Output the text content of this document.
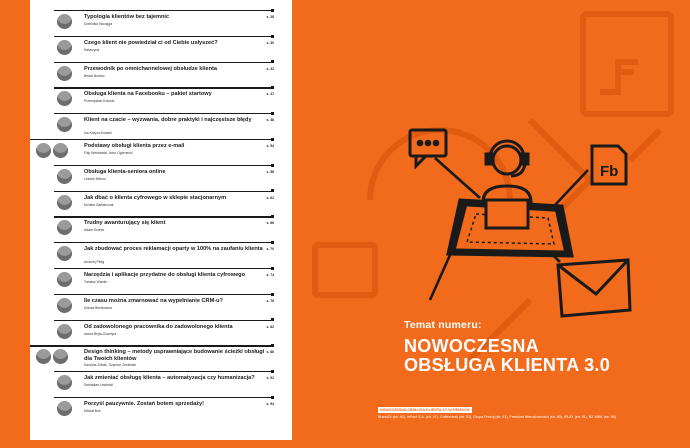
Typologia klientów bez tajemnic
Dominika Wocięga
s. 28
Czego klient nie powiedział ci od Ciebie usłyszeć?
Katarzyna
s. 30
Przewodnik po omnichannelowej obsłudze klienta
Beata Nowicz
s. 32
Obsługa klienta na Facebooku – pakiet startowy
Przemysław Kokodź
s. 47
Klient na czacie – wyzwania, dobre praktyki i najczęstsze błędy
Iza Krzyca-Kowski
s. 48
Podstawy obsługi klienta przez e-mail
Filip Wesłowski, Artur Ogórnecki
s. 54
Obsługa klienta-seniora online
Leszek Mehon
s. 58
Jak dbać o klienta cyfrowego w sklepie stacjonarnym
Monika Garbarczak
s. 62
Trudny awanturujący się klient
Adam Szarek
s. 66
Jak zbudować proces reklamacji oparty w 100% na zaufaniu klienta
Andrzej Pietg
s. 70
Narzędzia i aplikacje przydatne do obsługi klienta cyfrowego
Tomasz Wamkr
s. 74
Ile czasu można zmarnować na wypełnianie CRM-u?
Dorota Bienkowicz
s. 78
Od zadowolonego pracownika do zadowolonego klienta
Iwona Bryła-Gosztyra
s. 82
Design thinking – metody usprawniające budowanie ścieżki obsługi dla Twoich klientów
Karolina Żółwik, Szymon Zwolinski
s. 86
Jak zmieniać obsługę klienta – automatyzacja czy humanizacja?
Sebastian Lewiński
s. 92
Porzyśl pauzywnie. Zostań botem sprzedaży!
Michał Bok
s. 94
Fb
Temat numeru:
NOWOCZESNA
OBSŁUGA KLIENTA 3.0
NOWOCZESNA OBSŁUGA KLIENTA 3.0 W FIRMACH:
Brand24 (str. 40), InPost S.A. (str. 47), Coffeedesk (str. 52), Grupa Pracuj (str. 61), Freedom Nieruchomości (str. 80), IPLAY (str. 91), BZ WBK (str. 99)
